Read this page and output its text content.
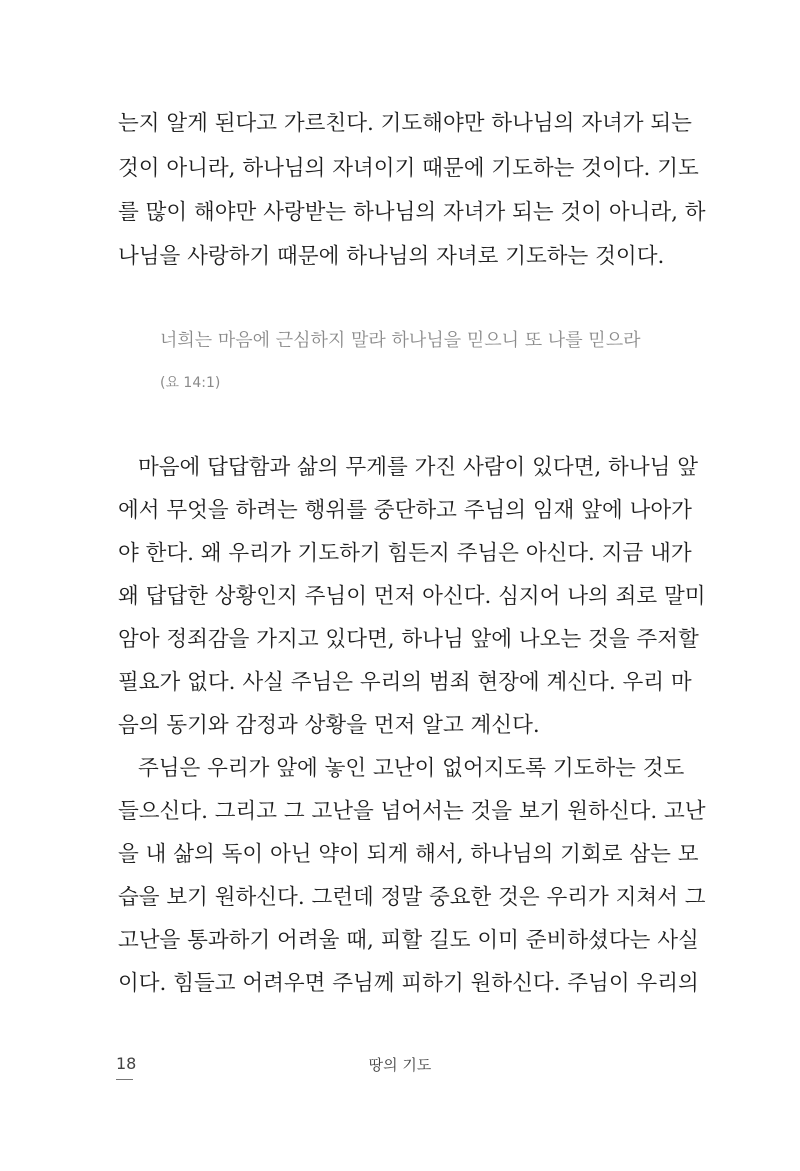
는지 알게 된다고 가르친다. 기도해야만 하나님의 자녀가 되는
것이 아니라, 하나님의 자녀이기 때문에 기도하는 것이다. 기도
를 많이 해야만 사랑받는 하나님의 자녀가 되는 것이 아니라, 하
나님을 사랑하기 때문에 하나님의 자녀로 기도하는 것이다.
너희는 마음에 근심하지 말라 하나님을 믿으니 또 나를 믿으라
(요 14:1)
마음에 답답함과 삶의 무게를 가진 사람이 있다면, 하나님 앞
에서 무엇을 하려는 행위를 중단하고 주님의 임재 앞에 나아가
야 한다. 왜 우리가 기도하기 힘든지 주님은 아신다. 지금 내가
왜 답답한 상황인지 주님이 먼저 아신다. 심지어 나의 죄로 말미
암아 정죄감을 가지고 있다면, 하나님 앞에 나오는 것을 주저할
필요가 없다. 사실 주님은 우리의 범죄 현장에 계신다. 우리 마
음의 동기와 감정과 상황을 먼저 알고 계신다.
주님은 우리가 앞에 놓인 고난이 없어지도록 기도하는 것도
들으신다. 그리고 그 고난을 넘어서는 것을 보기 원하신다. 고난
을 내 삶의 독이 아닌 약이 되게 해서, 하나님의 기회로 삼는 모
습을 보기 원하신다. 그런데 정말 중요한 것은 우리가 지쳐서 그
고난을 통과하기 어려울 때, 피할 길도 이미 준비하셨다는 사실
이다. 힘들고 어려우면 주님께 피하기 원하신다. 주님이 우리의
18	땅의 기도
